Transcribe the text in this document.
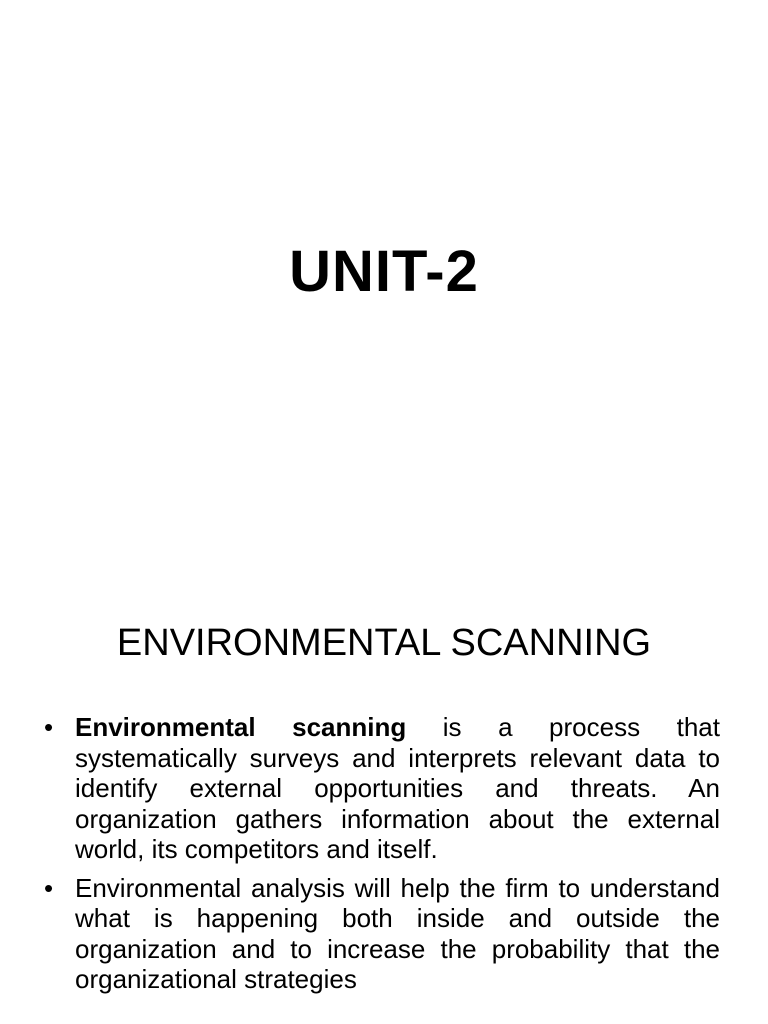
UNIT-2
ENVIRONMENTAL SCANNING
• Environmental scanning is a process that systematically surveys and interprets relevant data to identify external opportunities and threats. An organization gathers information about the external world, its competitors and itself.
• Environmental analysis will help the firm to understand what is happening both inside and outside the organization and to increase the probability that the organizational strategies
